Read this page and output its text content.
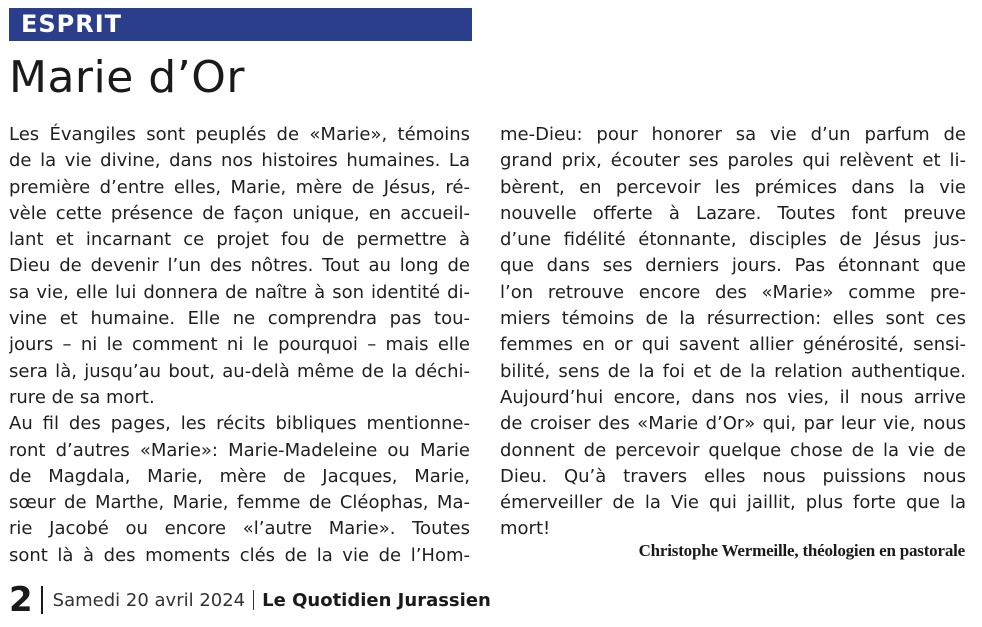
ESPRIT
Marie d’Or
Les Évangiles sont peuplés de «Marie», témoins
de la vie divine, dans nos histoires humaines. La
première d’entre elles, Marie, mère de Jésus, ré-
vèle cette présence de façon unique, en accueil-
lant et incarnant ce projet fou de permettre à
Dieu de devenir l’un des nôtres. Tout au long de
sa vie, elle lui donnera de naître à son identité di-
vine et humaine. Elle ne comprendra pas tou-
jours – ni le comment ni le pourquoi – mais elle
sera là, jusqu’au bout, au-delà même de la déchi-
rure de sa mort.
Au fil des pages, les récits bibliques mentionne-
ront d’autres «Marie»: Marie-Madeleine ou Marie
de Magdala, Marie, mère de Jacques, Marie,
sœur de Marthe, Marie, femme de Cléophas, Ma-
rie Jacobé ou encore «l’autre Marie». Toutes
sont là à des moments clés de la vie de l’Hom-
me-Dieu: pour honorer sa vie d’un parfum de
grand prix, écouter ses paroles qui relèvent et li-
bèrent, en percevoir les prémices dans la vie
nouvelle offerte à Lazare. Toutes font preuve
d’une fidélité étonnante, disciples de Jésus jus-
que dans ses derniers jours. Pas étonnant que
l’on retrouve encore des «Marie» comme pre-
miers témoins de la résurrection: elles sont ces
femmes en or qui savent allier générosité, sensi-
bilité, sens de la foi et de la relation authentique.
Aujourd’hui encore, dans nos vies, il nous arrive
de croiser des «Marie d’Or» qui, par leur vie, nous
donnent de percevoir quelque chose de la vie de
Dieu. Qu’à travers elles nous puissions nous
émerveiller de la Vie qui jaillit, plus forte que la
mort!
Christophe Wermeille, théologien en pastorale
2 Samedi 20 avril 2024 Le Quotidien Jurassien
